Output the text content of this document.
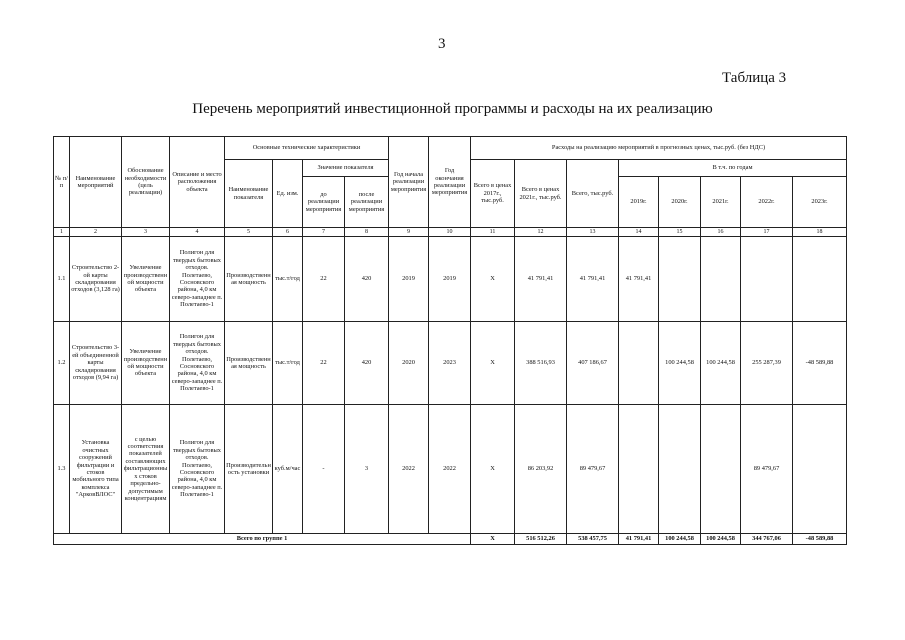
3
Таблица 3
Перечень мероприятий инвестиционной программы и расходы на их реализацию
№ п/п	Наименование мероприятий	Обоснование необходимости (цель реализации)	Описание и место расположения объекта	Основные технические характеристики				Год начала реализации мероприятия	Год окончания реализации мероприятия	Расходы на реализацию мероприятий в прогнозных ценах, тыс.руб. (без НДС)							
				Наименование показателя	Ед. изм.	Значение показателя				Всего в ценах 2017г., тыс.руб.	Всего в ценах 2021г., тыс.руб.	Всего, тыс.руб.	В т.ч. по годам				
						до реализации мероприятия	после реализации мероприятия						2019г.	2020г.	2021г.	2022г.	2023г.
1	2	3	4	5	6	7	8	9	10	11	12	13	14	15	16	17	18
1.1	Строительство 2-ой карты складирования отходов (3,128 га)	Увеличение производственной мощности объекта	Полигон для твердых бытовых отходов. Полетаево, Сосновского района, 4,0 км северо-западнее п. Полетаево-1	Производственная мощность	тыс.т/год	22	420	2019	2019	Х	41 791,41	41 791,41	41 791,41				
1.2	Строительство 3-ей объединенной карты складирования отходов (9,94 га)	Увеличение производственной мощности объекта	Полигон для твердых бытовых отходов. Полетаево, Сосновского района, 4,0 км северо-западнее п. Полетаево-1	Производственная мощность	тыс.т/год	22	420	2020	2023	Х	388 516,93	407 186,67		100 244,58	100 244,58	255 287,39	-48 589,88
1.3	Установка очистных сооружений фильтрации и стоков мобильного типа комплекса "АрковВЛОС"	с целью соответствия показателей составляющих фильтрационных стоков предельно-допустимым концентрациям	Полигон для твердых бытовых отходов. Полетаево, Сосновского района, 4,0 км северо-западнее п. Полетаево-1	Производительность установки	куб.м/час	-	3	2022	2022	Х	86 203,92	89 479,67				89 479,67	
Всего по группе 1										Х	516 512,26	538 457,75	41 791,41	100 244,58	100 244,58	344 767,06	-48 589,88
